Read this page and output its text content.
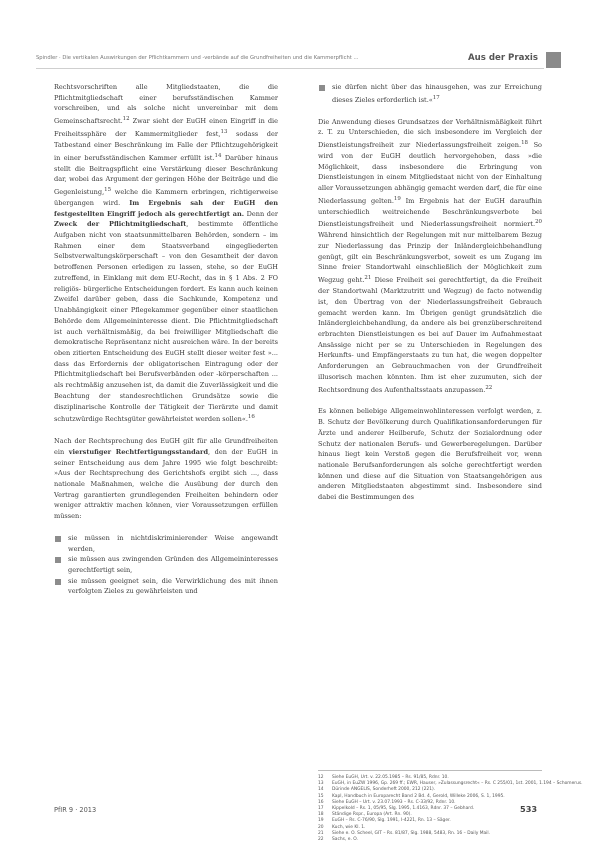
Spindler · Die vertikalen Auswirkungen der Pflichtkammern und -verbände auf die Grundfreiheiten und die Kammerpflicht ...	Aus der Praxis

Rechtsvorschriften alle Mitgliedstaaten, die die Pflichtmitgliedschaft einer berufsständischen Kammer vorschreiben, und als solche nicht unvereinbar mit dem Gemeinschaftsrecht.$^{12}$ Zwar sieht der EuGH einen Eingriff in die Freiheitssphäre der Kammermitglieder fest,$^{13}$ sodass der Tatbestand einer Beschränkung im Falle der Pflichtzugehörigkeit in einer berufsständischen Kammer erfüllt ist.$^{14}$ Darüber hinaus stellt die Beitragspflicht eine Verstärkung dieser Beschränkung dar, wobei das Argument der geringen Höhe der Beiträge und die Gegenleistung,$^{15}$ welche die Kammern erbringen, richtigerweise übergangen wird. Im Ergebnis sah der EuGH den festgestellten Eingriff jedoch als gerechtfertigt an. Denn der Zweck der Pflichtmitgliedschaft, bestimmte öffentliche Aufgaben nicht von staatsunmittelbaren Behörden, sondern – im Rahmen einer dem Staatsverband eingegliederten Selbstverwaltungskörperschaft – von den Gesamtheit der davon betroffenen Personen erledigen zu lassen, stehe, so der EuGH zutreffend, in Einklang mit dem EU-Recht, das in § 1 Abs. 2 FO religiös- bürgerliche Entscheidungen fordert. Es kann auch keinen Zweifel darüber geben, dass die Sachkunde, Kompetenz und Unabhängigkeit einer Pflegekammer gegenüber einer staatlichen Behörde dem Allgemeininteresse dient. Die Pflichtmitgliedschaft ist auch verhältnismäßig, da bei freiwilliger Mitgliedschaft die demokratische Repräsentanz nicht ausreichen wäre. In der bereits oben zitierten Entscheidung des EuGH stellt dieser weiter fest »... dass das Erfordernis der obligatorischen Eintragung oder der Pflichtmitgliedschaft bei Berufsverbänden oder -körperschaften ... als rechtmäßig anzusehen ist, da damit die Zuverlässigkeit und die Beachtung der standesrechtlichen Grundsätze sowie die disziplinarische Kontrolle der Tätigkeit der Tierärzte und damit schutzwürdige Rechtsgüter gewährleistet werden sollen«.$^{16}$

Nach der Rechtsprechung des EuGH gilt für alle Grundfreiheiten ein vierstufiger Rechtfertigungsstandard, den der EuGH in seiner Entscheidung aus dem Jahre 1995 wie folgt beschreibt: »Aus der Rechtsprechung des Gerichtshofs ergibt sich ..., dass nationale Maßnahmen, welche die Ausübung der durch den Vertrag garantierten grundlegenden Freiheiten behindern oder weniger attraktiv machen können, vier Voraussetzungen erfüllen müssen:

sie müssen in nichtdiskriminierender Weise angewandt werden,
sie müssen aus zwingenden Gründen des Allgemeininteresses gerechtfertigt sein,
sie müssen geeignet sein, die Verwirklichung des mit ihnen verfolgten Zieles zu gewährleisten und
sie dürfen nicht über das hinausgehen, was zur Erreichung dieses Zieles erforderlich ist.«$^{17}$

Die Anwendung dieses Grundsatzes der Verhältnismäßigkeit führt z. T. zu Unterschieden, die sich insbesondere im Vergleich der Dienstleistungsfreiheit zur Niederlassungsfreiheit zeigen.$^{18}$ So wird von der EuGH deutlich hervorgehoben, dass »die Möglichkeit, dass insbesondere die Erbringung von Dienstleistungen in einem Mitgliedstaat nicht von der Einhaltung aller Voraussetzungen abhängig gemacht werden darf, die für eine Niederlassung gelten.$^{19}$ Im Ergebnis hat der EuGH daraufhin unterschiedlich weitreichende Beschränkungsverbote bei Dienstleistungsfreiheit und Niederlassungsfreiheit normiert.$^{20}$ Während hinsichtlich der Regelungen mit nur mittelbarem Bezug zur Niederlassung das Prinzip der Inländergleichbehandlung genügt, gilt ein Beschränkungsverbot, soweit es um Zugang im Sinne freier Standortwahl einschließlich der Möglichkeit zum Wegzug geht.$^{21}$ Diese Freiheit sei gerechtfertigt, da die Freiheit der Standortwahl (Marktzutritt und Wegzug) de facto notwendig ist, den Übertrag von der Niederlassungsfreiheit Gebrauch gemacht werden kann. Im Übrigen genügt grundsätzlich die Inländergleichbehandlung, da andere als bei grenzüberschreitend erbrachten Dienstleistungen es bei auf Dauer im Aufnahmestaat Ansässige nicht per se zu Unterschieden in Regelungen des Herkunfts- und Empfängerstaats zu tun hat, die wegen doppelter Anforderungen an Gebrauchmachen von der Grundfreiheit illusorisch machen könnten. Ihm ist eher zuzumuten, sich der Rechtsordnung des Aufenthaltsstaats anzupassen.$^{22}$

Es können beliebige Allgemeinwohlinteressen verfolgt werden, z. B. Schutz der Bevölkerung durch Qualifikationsanforderungen für Ärzte und anderer Heilberufe, Schutz der Sozialordnung oder Schutz der nationalen Berufs- und Gewerberegelungen. Darüber hinaus liegt kein Verstoß gegen die Berufsfreiheit vor, wenn nationale Berufsanforderungen als solche gerechtfertigt werden können und diese auf die Situation von Staatsangehörigen aus anderen Mitgliedstaaten abgestimmt sind. Insbesondere sind dabei die Bestimmungen des

12	Siehe EuGH, Urt. v. 22.05.1985 – Rs. 91/85, Rdnr. 10.
13	EuGH, in EuZW 1996, Gp. 269 ff.; EWR, Hauser, »Zulassungsrecht« – Rs. C 255/01, 1st. 2001, 1.194 – Schomerus.
14	Dürinde ANGELIS, Sonderheft 2000, 212 (221).
15	Kapl, Handbuch in Europarecht Band 2 Bd. 4, Gerold, Willeke 2006, S. 1, 1995.
16	Siehe EuGH – Urt. v. 23.07.1993 – Rs. C-33/92, Rdnr. 10.
17	Kippelkold – Rs. 1, 05/95, Slg. 1995, 1.4163, Rdnr. 37 – Gebhard.
18	Ständige Rspr., Europa (Art. Rn. 90).
19	EuGH – Rs. C-76/90, Slg. 1991, I-4221, Rn. 13 – Säger.
20	Kuch, wie Kl. 1.
21	Siehe e. O. Scheel, GIT – Rs. 81/87, Slg. 1988, 5483, Rn. 16 – Daily Mail.
22	Sachs, e. O.
PfIR 9 · 2013	533
